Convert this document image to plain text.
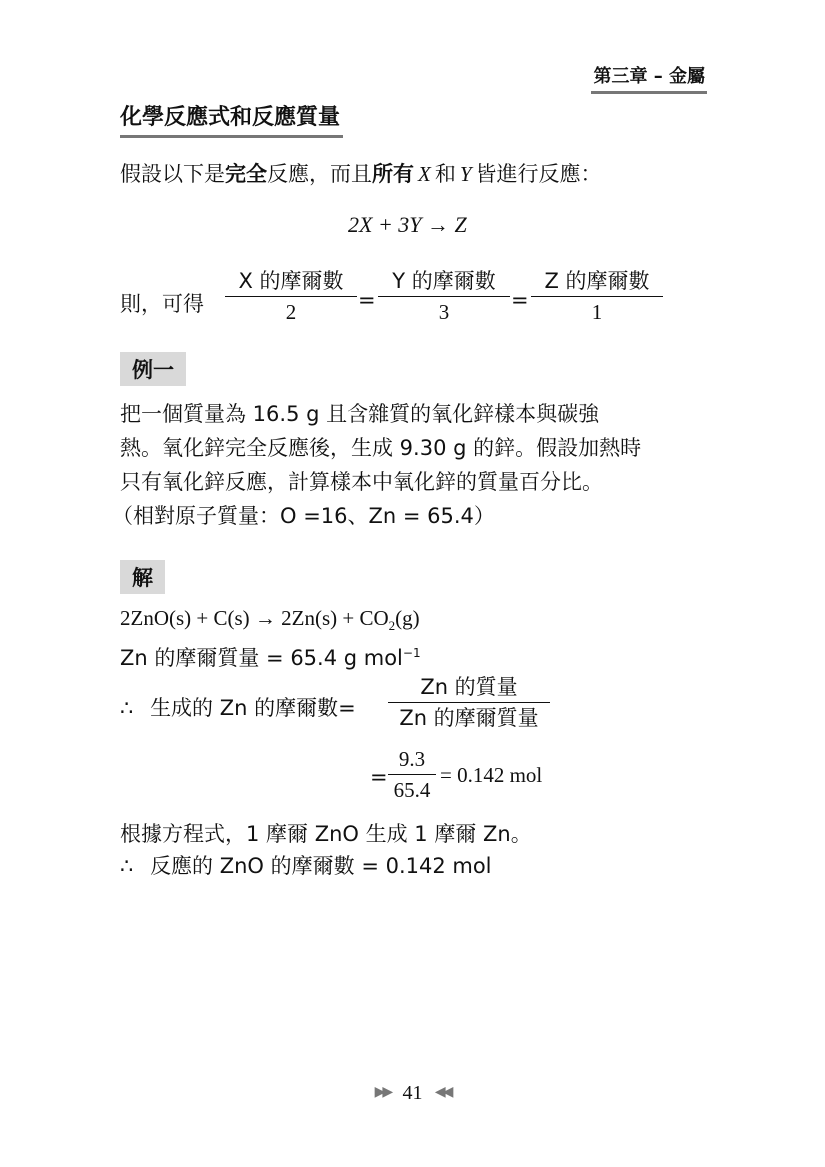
第三章 – 金屬
化學反應式和反應質量
假設以下是完全反應，而且所有 X 和 Y 皆進行反應：
2X + 3Y → Z
則，可得
X 的摩爾數
2	=
Y 的摩爾數
3	=
Z 的摩爾數
1
例一
把一個質量為 16.5 g 且含雜質的氧化鋅樣本與碳強
熱。氧化鋅完全反應後，生成 9.30 g 的鋅。假設加熱時
只有氧化鋅反應，計算樣本中氧化鋅的質量百分比。
（相對原子質量：O =16、Zn = 65.4）
解
$2ZnO(s) + C(s) \to 2Zn(s) + CO_2(g)$
Zn 的摩爾質量 = 65.4 g mol$^{-1}$
∴ 生成的 Zn 的摩爾數=
Zn 的質量
Zn 的摩爾質量
=
9.3
65.4
= 0.142 mol
根據方程式，1 摩爾 ZnO 生成 1 摩爾 Zn。
∴ 反應的 ZnO 的摩爾數 = 0.142 mol
▶▶ 41 ◀◀
